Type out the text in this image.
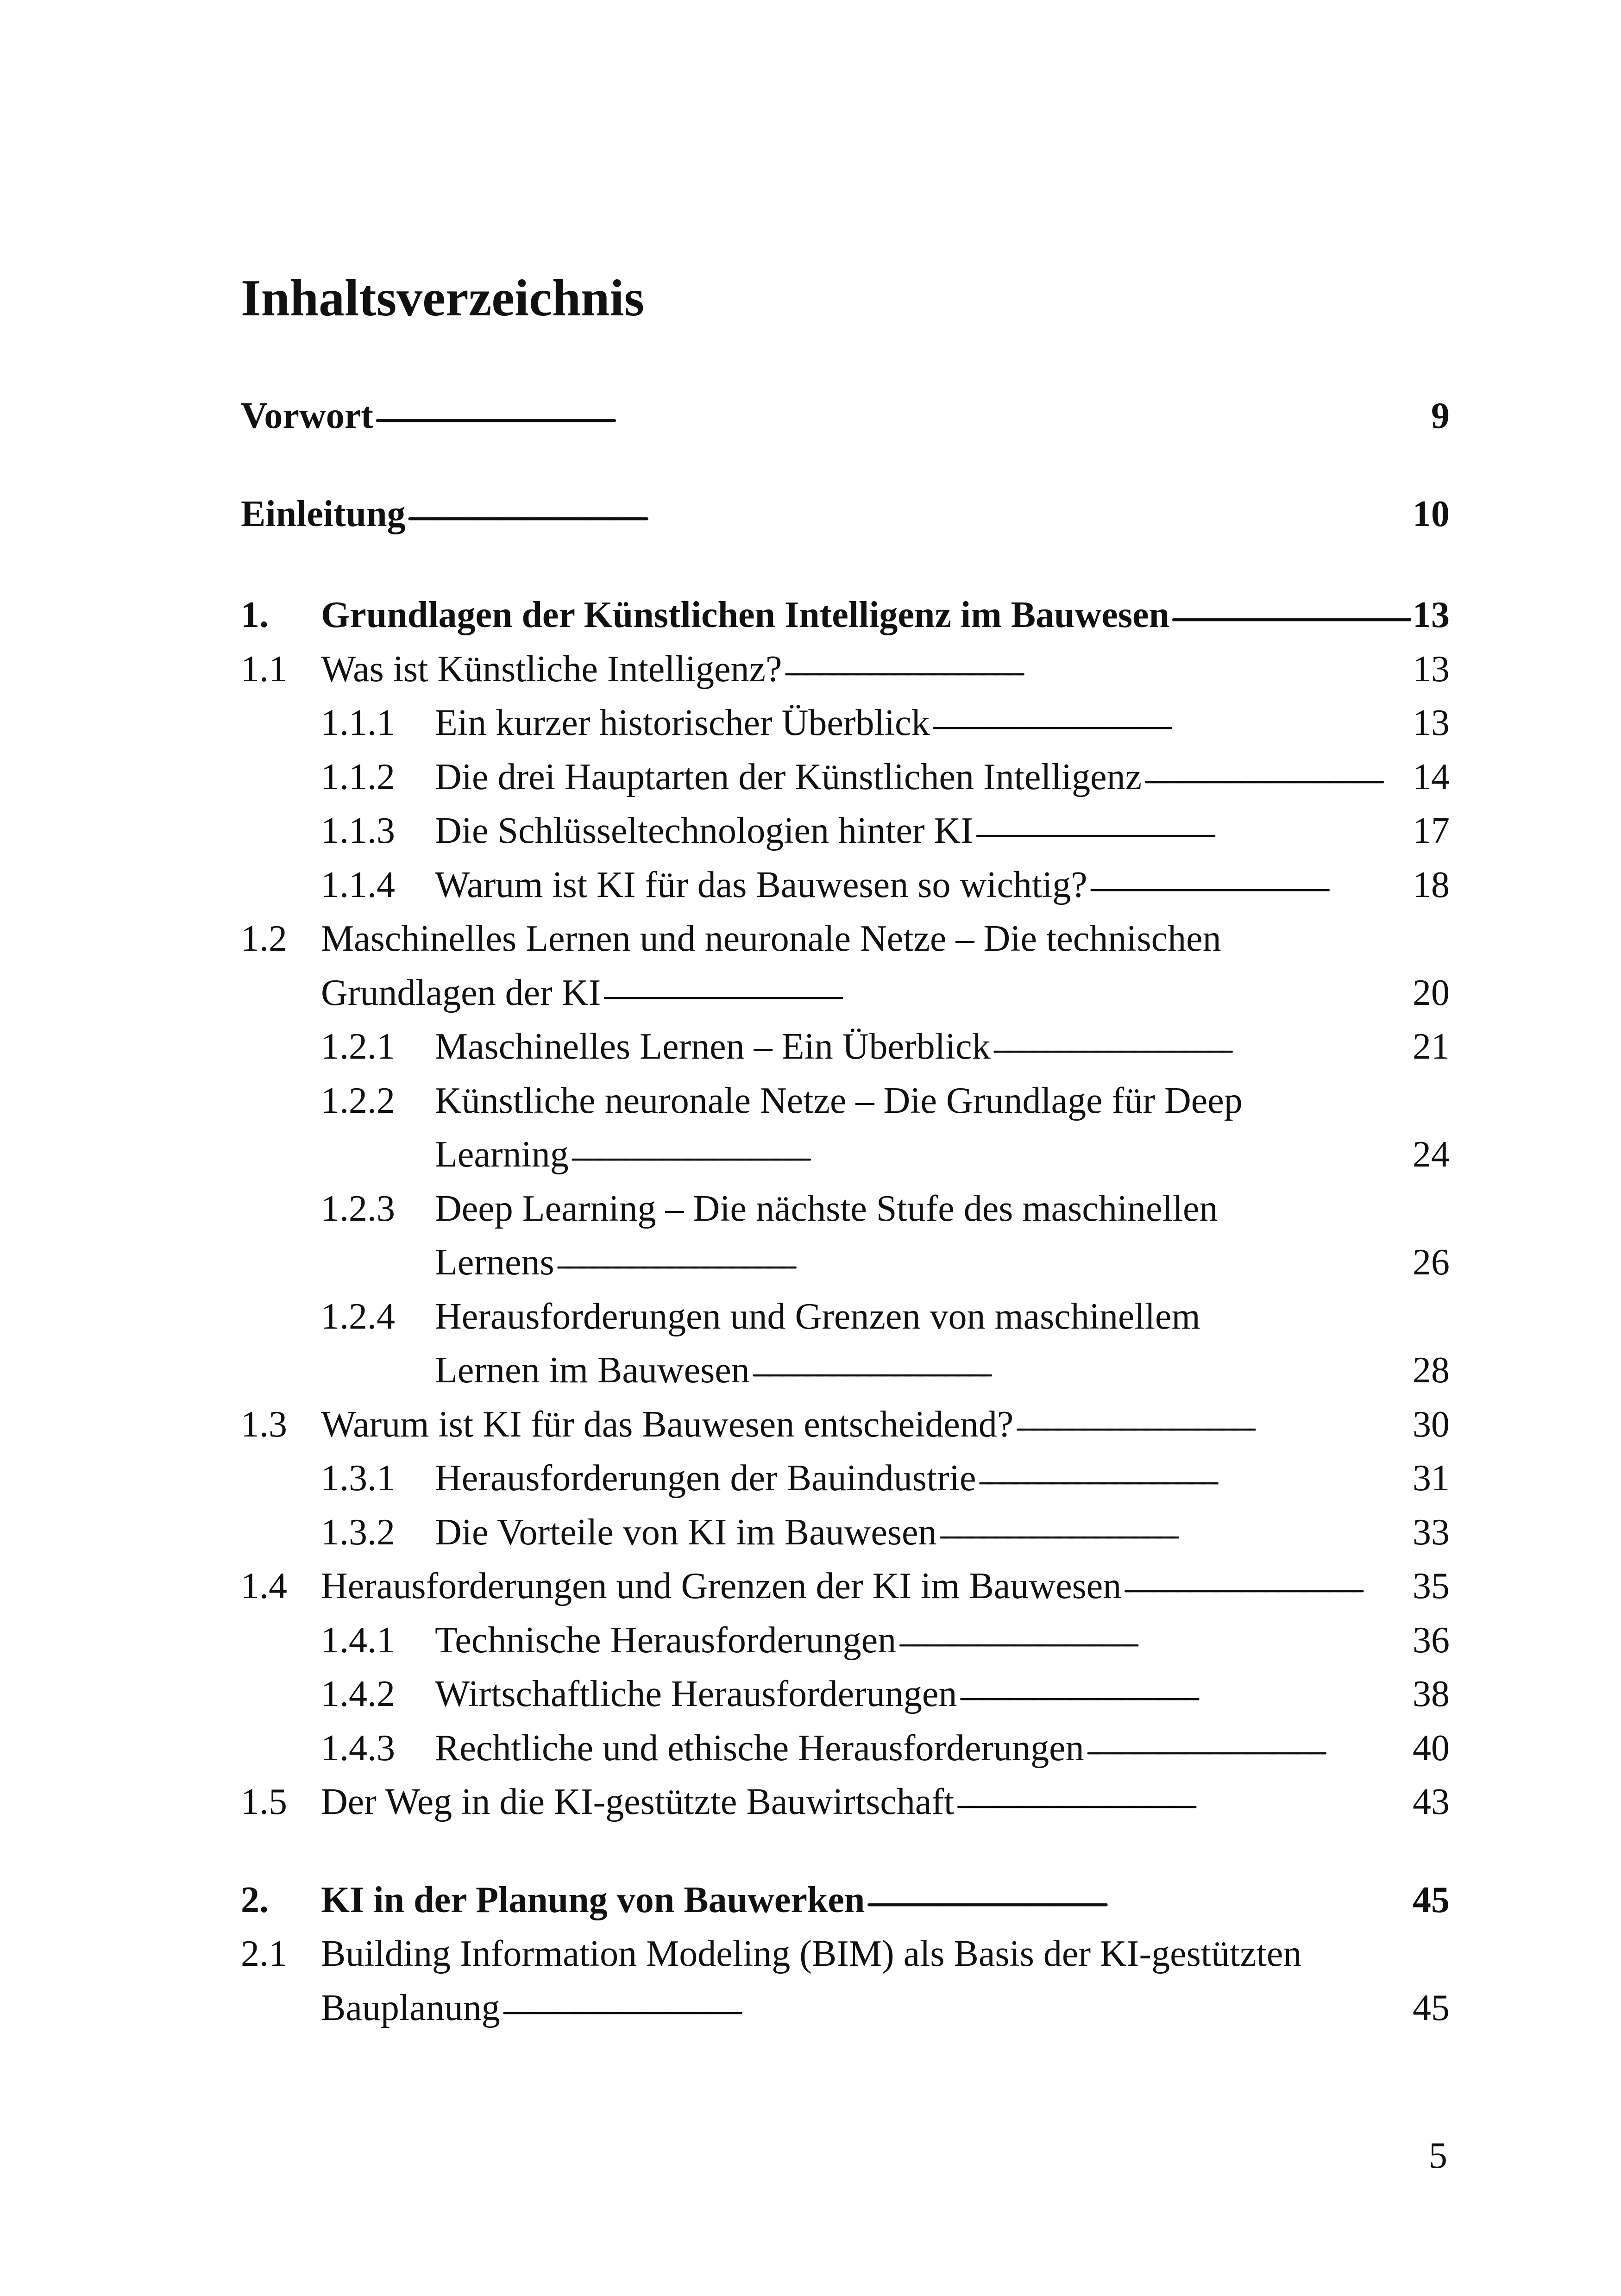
Inhaltsverzeichnis
Vorwort . . .	9
Einleitung . . .	10
1.	Grundlagen der Künstlichen Intelligenz im Bauwesen . . .	13
1.1 Was ist Künstliche Intelligenz? . . .	13
1.1.1	Ein kurzer historischer Überblick . . .	13
1.1.2	Die drei Hauptarten der Künstlichen Intelligenz . . .	14
1.1.3	Die Schlüsseltechnologien hinter KI . . .	17
1.1.4	Warum ist KI für das Bauwesen so wichtig? . . .	18
1.2 Maschinelles Lernen und neuronale Netze – Die technischen
Grundlagen der KI . . .	20
1.2.1	Maschinelles Lernen – Ein Überblick . . .	21
1.2.2	Künstliche neuronale Netze – Die Grundlage für Deep
Learning . . .	24
1.2.3	Deep Learning – Die nächste Stufe des maschinellen
Lernens . . .	26
1.2.4	Herausforderungen und Grenzen von maschinellem
Lernen im Bauwesen . . .	28
1.3 Warum ist KI für das Bauwesen entscheidend? . . .	30
1.3.1	Herausforderungen der Bauindustrie . . .	31
1.3.2	Die Vorteile von KI im Bauwesen . . .	33
1.4 Herausforderungen und Grenzen der KI im Bauwesen . . .	35
1.4.1	Technische Herausforderungen . . .	36
1.4.2	Wirtschaftliche Herausforderungen . . .	38
1.4.3	Rechtliche und ethische Herausforderungen . . .	40
1.5 Der Weg in die KI-gestützte Bauwirtschaft . . .	43
2.	KI in der Planung von Bauwerken . . .	45
2.1 Building Information Modeling (BIM) als Basis der KI-gestützten
Bauplanung . . .	45
5
